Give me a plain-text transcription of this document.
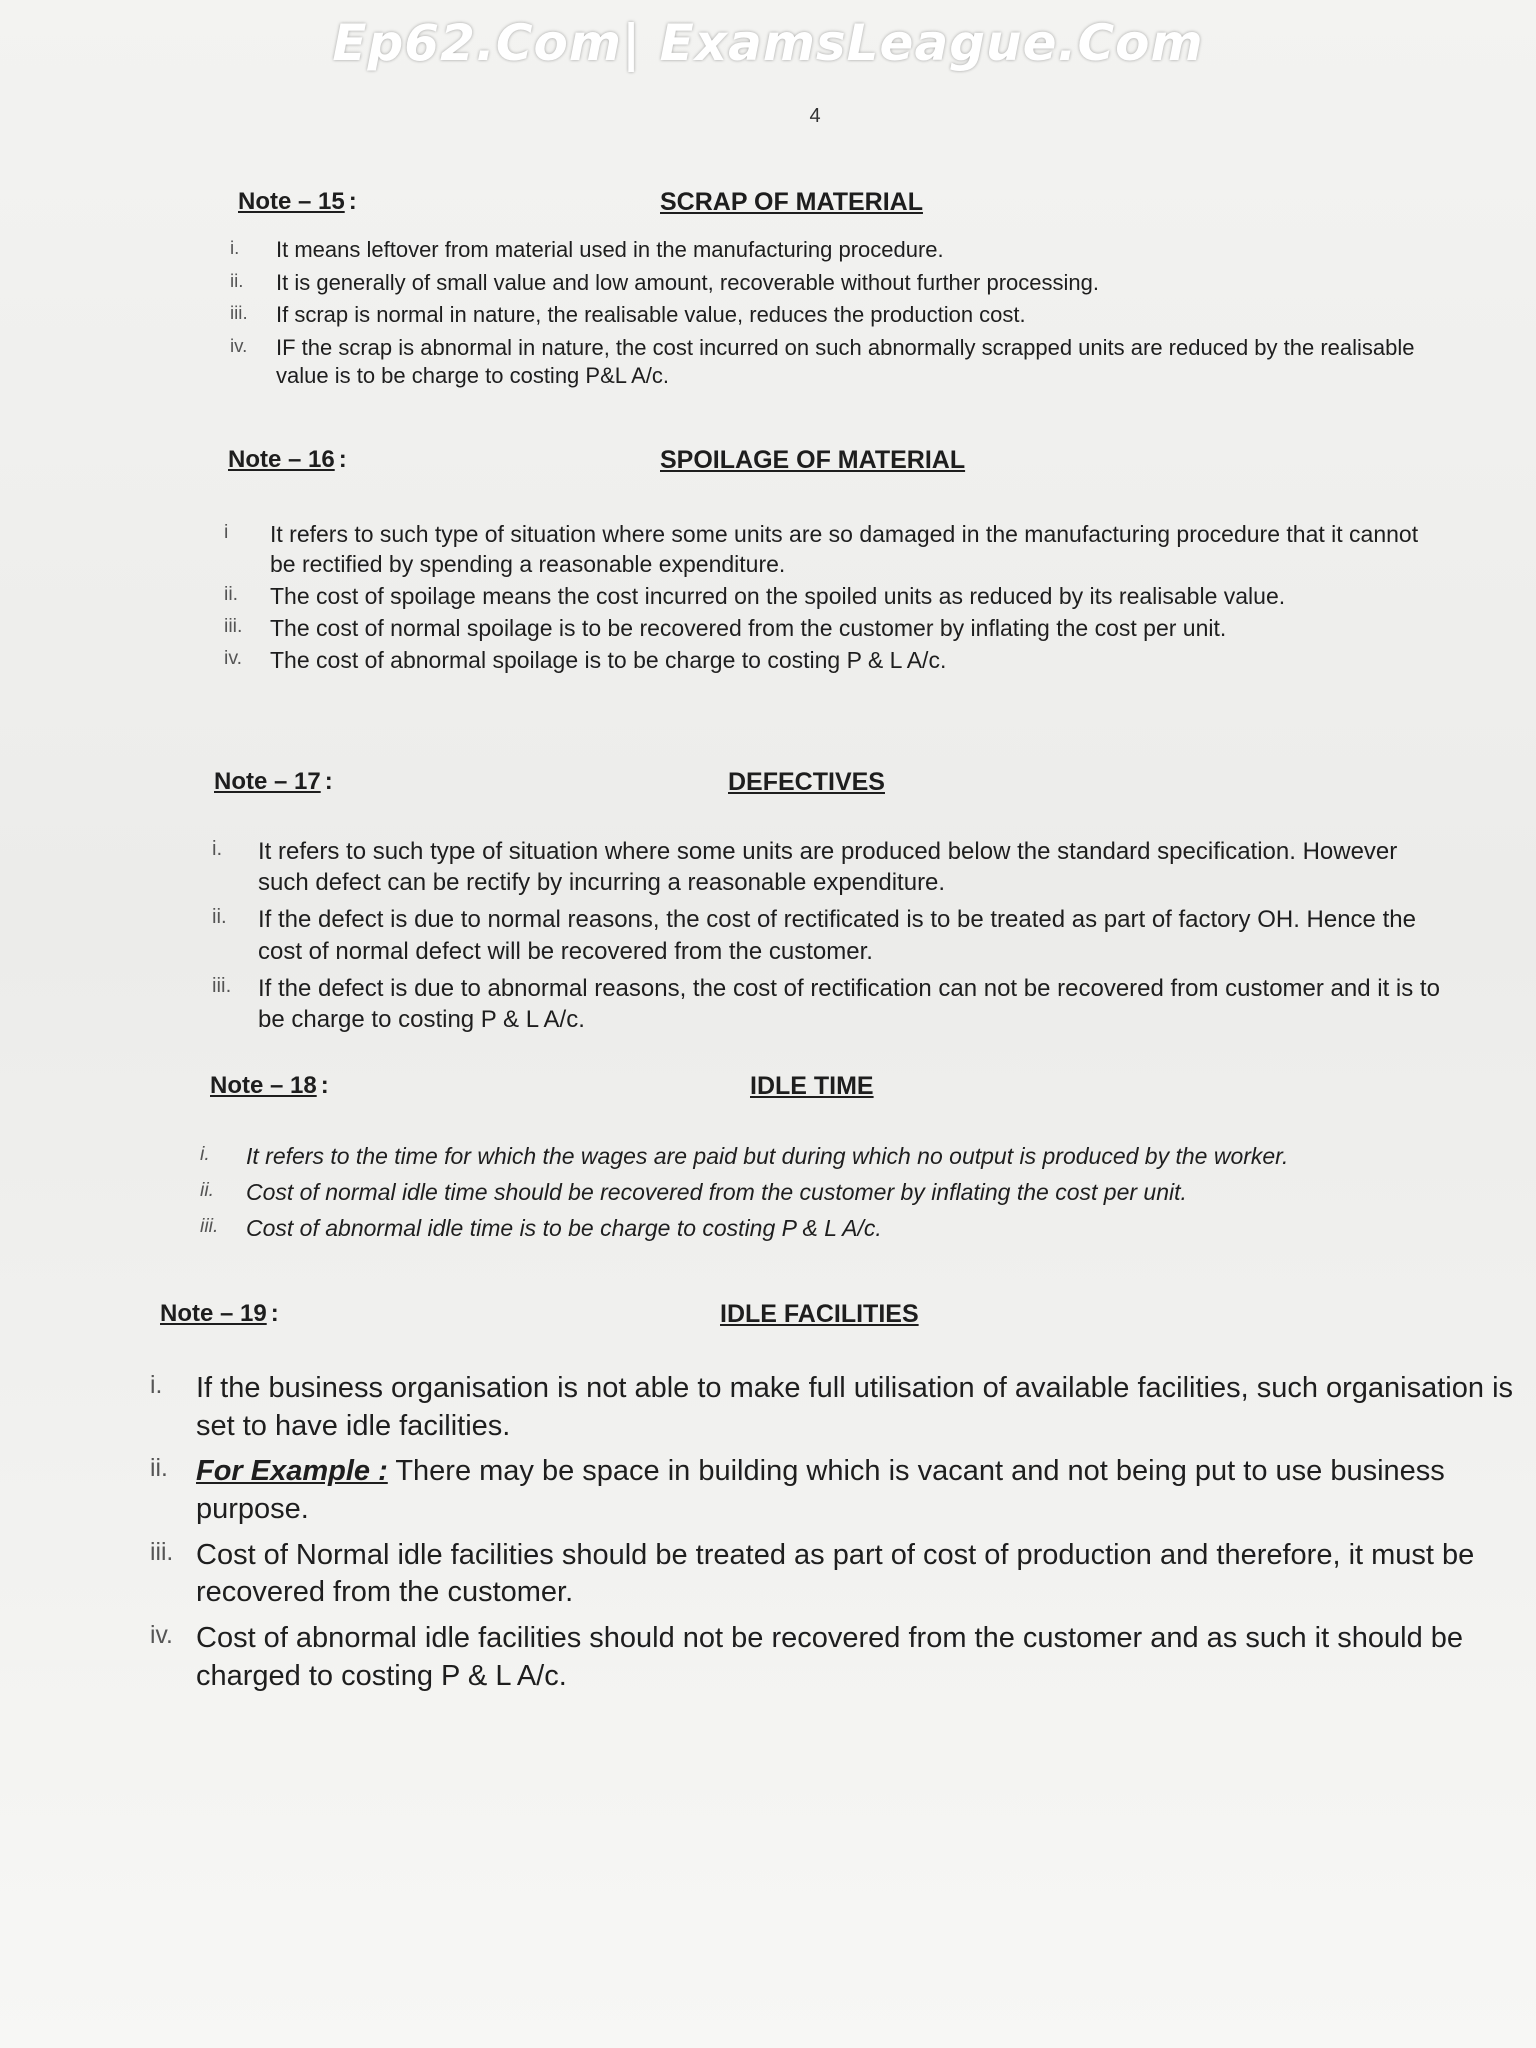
Ep62.Com| ExamsLeague.Com
4
Note – 15 :	SCRAP OF MATERIAL
i.	It means leftover from material used in the manufacturing procedure.
ii.	It is generally of small value and low amount, recoverable without further processing.
iii.	If scrap is normal in nature, the realisable value, reduces the production cost.
iv.	IF the scrap is abnormal in nature, the cost incurred on such abnormally scrapped units are reduced by the realisable value is to be charge to costing P&L A/c.
Note – 16 :	SPOILAGE OF MATERIAL
i	It refers to such type of situation where some units are so damaged in the manufacturing procedure that it cannot be rectified by spending a reasonable expenditure.
ii.	The cost of spoilage means the cost incurred on the spoiled units as reduced by its realisable value.
iii.	The cost of normal spoilage is to be recovered from the customer by inflating the cost per unit.
iv.	The cost of abnormal spoilage is to be charge to costing P & L A/c.
Note – 17 :	DEFECTIVES
i.	It refers to such type of situation where some units are produced below the standard specification. However such defect can be rectify by incurring a reasonable expenditure.
ii.	If the defect is due to normal reasons, the cost of rectificated is to be treated as part of factory OH. Hence the cost of normal defect will be recovered from the customer.
iii.	If the defect is due to abnormal reasons, the cost of rectification can not be recovered from customer and it is to be charge to costing P & L A/c.
Note – 18 :	IDLE TIME
i.	It refers to the time for which the wages are paid but during which no output is produced by the worker.
ii.	Cost of normal idle time should be recovered from the customer by inflating the cost per unit.
iii.	Cost of abnormal idle time is to be charge to costing P & L A/c.
Note – 19 :	IDLE FACILITIES
i.	If the business organisation is not able to make full utilisation of available facilities, such organisation is set to have idle facilities.
ii. For Example : There may be space in building which is vacant and not being put to use business purpose.
iii. Cost of Normal idle facilities should be treated as part of cost of production and therefore, it must be recovered from the customer.
iv. Cost of abnormal idle facilities should not be recovered from the customer and as such it should be charged to costing P & L A/c.
